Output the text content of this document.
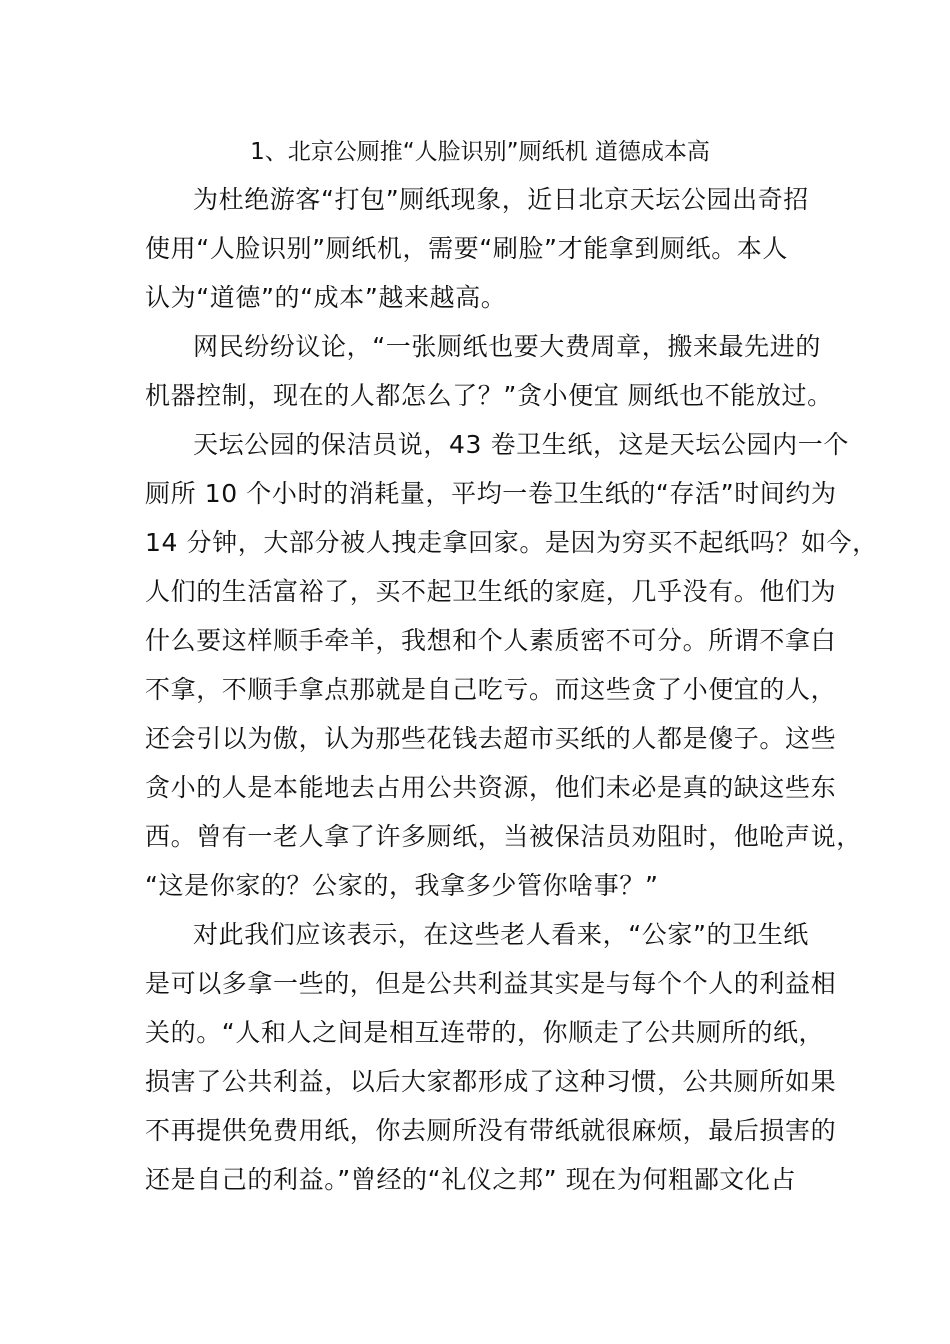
1、北京公厕推“人脸识别”厕纸机 道德成本高
为杜绝游客“打包”厕纸现象，近日北京天坛公园出奇招
使用“人脸识别”厕纸机，需要“刷脸”才能拿到厕纸。本人
认为“道德”的“成本”越来越高。
网民纷纷议论，“一张厕纸也要大费周章，搬来最先进的
机器控制，现在的人都怎么了？”贪小便宜 厕纸也不能放过。
天坛公园的保洁员说，43 卷卫生纸，这是天坛公园内一个
厕所 10 个小时的消耗量，平均一卷卫生纸的“存活”时间约为
14 分钟，大部分被人拽走拿回家。是因为穷买不起纸吗？如今，
人们的生活富裕了，买不起卫生纸的家庭，几乎没有。他们为
什么要这样顺手牵羊，我想和个人素质密不可分。所谓不拿白
不拿，不顺手拿点那就是自己吃亏。而这些贪了小便宜的人，
还会引以为傲，认为那些花钱去超市买纸的人都是傻子。这些
贪小的人是本能地去占用公共资源，他们未必是真的缺这些东
西。曾有一老人拿了许多厕纸，当被保洁员劝阻时，他呛声说，
“这是你家的？公家的，我拿多少管你啥事？”
对此我们应该表示，在这些老人看来，“公家”的卫生纸
是可以多拿一些的，但是公共利益其实是与每个个人的利益相
关的。“人和人之间是相互连带的，你顺走了公共厕所的纸，
损害了公共利益，以后大家都形成了这种习惯，公共厕所如果
不再提供免费用纸，你去厕所没有带纸就很麻烦，最后损害的
还是自己的利益。”曾经的“礼仪之邦” 现在为何粗鄙文化占
